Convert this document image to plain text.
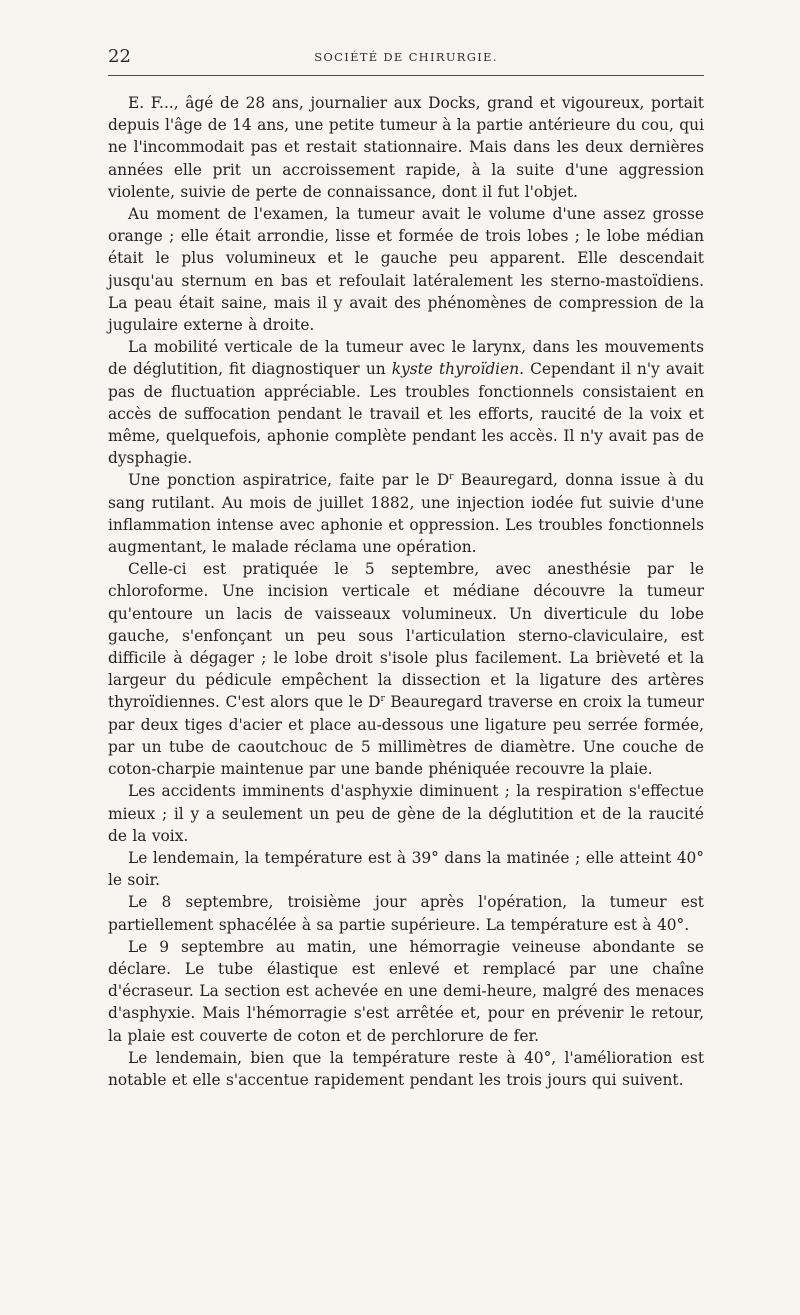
22	SOCIÉTÉ DE CHIRURGIE.

E. F..., âgé de 28 ans, journalier aux Docks, grand et vigoureux, portait depuis l'âge de 14 ans, une petite tumeur à la partie antérieure du cou, qui ne l'incommodait pas et restait stationnaire. Mais dans les deux dernières années elle prit un accroissement rapide, à la suite d'une aggression violente, suivie de perte de connaissance, dont il fut l'objet.

Au moment de l'examen, la tumeur avait le volume d'une assez grosse orange ; elle était arrondie, lisse et formée de trois lobes ; le lobe médian était le plus volumineux et le gauche peu apparent. Elle descendait jusqu'au sternum en bas et refoulait latéralement les sterno-mastoïdiens. La peau était saine, mais il y avait des phénomènes de compression de la jugulaire externe à droite.

La mobilité verticale de la tumeur avec le larynx, dans les mouvements de déglutition, fit diagnostiquer un kyste thyroïdien. Cependant il n'y avait pas de fluctuation appréciable. Les troubles fonctionnels consistaient en accès de suffocation pendant le travail et les efforts, raucité de la voix et même, quelquefois, aphonie complète pendant les accès. Il n'y avait pas de dysphagie.

Une ponction aspiratrice, faite par le $D^r$ Beauregard, donna issue à du sang rutilant. Au mois de juillet 1882, une injection iodée fut suivie d'une inflammation intense avec aphonie et oppression. Les troubles fonctionnels augmentant, le malade réclama une opération.

Celle-ci est pratiquée le 5 septembre, avec anesthésie par le chloroforme. Une incision verticale et médiane découvre la tumeur qu'entoure un lacis de vaisseaux volumineux. Un diverticule du lobe gauche, s'enfonçant un peu sous l'articulation sterno-claviculaire, est difficile à dégager ; le lobe droit s'isole plus facilement. La brièveté et la largeur du pédicule empêchent la dissection et la ligature des artères thyroïdiennes. C'est alors que le $D^r$ Beauregard traverse en croix la tumeur par deux tiges d'acier et place au-dessous une ligature peu serrée formée, par un tube de caoutchouc de 5 millimètres de diamètre. Une couche de coton-charpie maintenue par une bande phéniquée recouvre la plaie.

Les accidents imminents d'asphyxie diminuent ; la respiration s'effectue mieux ; il y a seulement un peu de gène de la déglutition et de la raucité de la voix.

Le lendemain, la température est à 39° dans la matinée ; elle atteint 40° le soir.

Le 8 septembre, troisième jour après l'opération, la tumeur est partiellement sphacélée à sa partie supérieure. La température est à 40°.

Le 9 septembre au matin, une hémorragie veineuse abondante se déclare. Le tube élastique est enlevé et remplacé par une chaîne d'écraseur. La section est achevée en une demi-heure, malgré des menaces d'asphyxie. Mais l'hémorragie s'est arrêtée et, pour en prévenir le retour, la plaie est couverte de coton et de perchlorure de fer.

Le lendemain, bien que la température reste à 40°, l'amélioration est notable et elle s'accentue rapidement pendant les trois jours qui suivent.
